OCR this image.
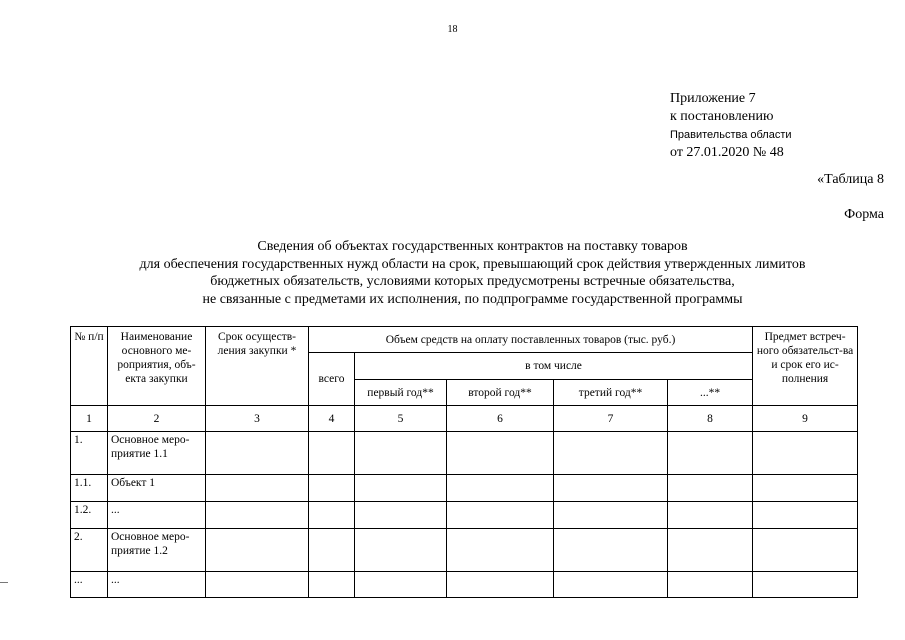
18
Приложение 7
к постановлению
Правительства области
от 27.01.2020 № 48
«Таблица 8
Форма
Сведения об объектах государственных контрактов на поставку товаров
для обеспечения государственных нужд области на срок, превышающий срок действия утвержденных лимитов
бюджетных обязательств, условиями которых предусмотрены встречные обязательства,
не связанные с предметами их исполнения, по подпрограмме государственной программы
№ п/п	Наименование основного ме-роприятия, объ-екта закупки	Срок осуществ-ления закупки *	Объем средств на оплату поставленных товаров (тыс. руб.)					Предмет встреч-ного обязательст-ва и срок его ис-полнения
			всего	в том числе				
				первый год**	второй год**	третий год**	...**	
1	2	3	4	5	6	7	8	9
1.	Основное меро-приятие 1.1							
1.1.	Объект 1							
1.2.	...							
2.	Основное меро-приятие 1.2							
...	...							
